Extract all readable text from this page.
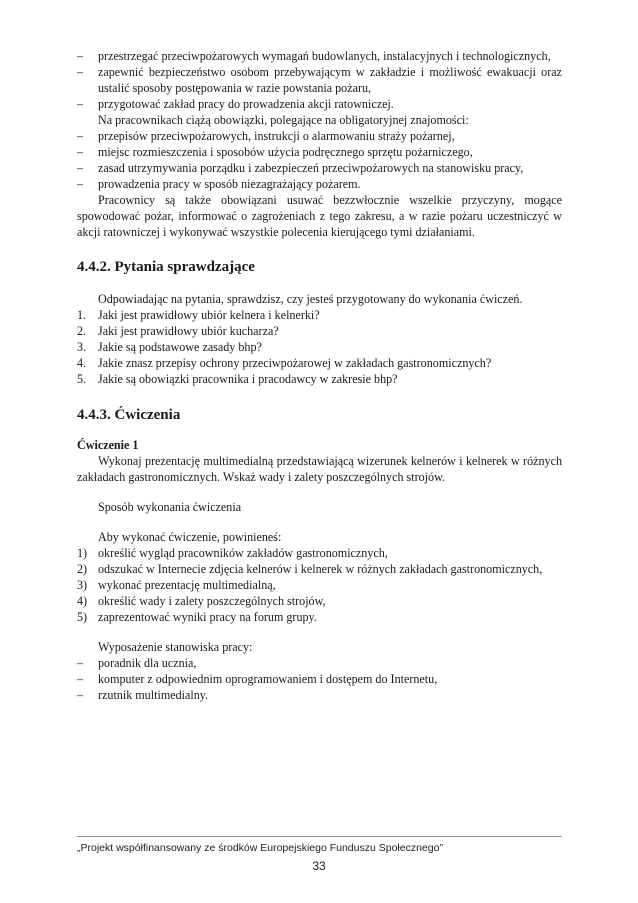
– przestrzegać przeciwpożarowych wymagań budowlanych, instalacyjnych i technologicznych,
– zapewnić bezpieczeństwo osobom przebywającym w zakładzie i możliwość ewakuacji oraz ustalić sposoby postępowania w razie powstania pożaru,
– przygotować zakład pracy do prowadzenia akcji ratowniczej.
Na pracownikach ciążą obowiązki, polegające na obligatoryjnej znajomości:
– przepisów przeciwpożarowych, instrukcji o alarmowaniu straży pożarnej,
– miejsc rozmieszczenia i sposobów użycia podręcznego sprzętu pożarniczego,
– zasad utrzymywania porządku i zabezpieczeń przeciwpożarowych na stanowisku pracy,
– prowadzenia pracy w sposób niezagrażający pożarem.
Pracownicy są także obowiązani usuwać bezzwłocznie wszelkie przyczyny, mogące spowodować pożar, informować o zagrożeniach z tego zakresu, a w razie pożaru uczestniczyć w akcji ratowniczej i wykonywać wszystkie polecenia kierującego tymi działaniami.
4.4.2. Pytania sprawdzające
Odpowiadając na pytania, sprawdzisz, czy jesteś przygotowany do wykonania ćwiczeń.
1. Jaki jest prawidłowy ubiór kelnera i kelnerki?
2. Jaki jest prawidłowy ubiór kucharza?
3. Jakie są podstawowe zasady bhp?
4. Jakie znasz przepisy ochrony przeciwpożarowej w zakładach gastronomicznych?
5. Jakie są obowiązki pracownika i pracodawcy w zakresie bhp?
4.4.3. Ćwiczenia
Ćwiczenie 1
Wykonaj prezentację multimedialną przedstawiającą wizerunek kelnerów i kelnerek w różnych zakładach gastronomicznych. Wskaż wady i zalety poszczególnych strojów.
Sposób wykonania ćwiczenia
Aby wykonać ćwiczenie, powinieneś:
1) określić wygląd pracowników zakładów gastronomicznych,
2) odszukać w Internecie zdjęcia kelnerów i kelnerek w różnych zakładach gastronomicznych,
3) wykonać prezentację multimedialną,
4) określić wady i zalety poszczególnych strojów,
5) zaprezentować wyniki pracy na forum grupy.
Wyposażenie stanowiska pracy:
– poradnik dla ucznia,
– komputer z odpowiednim oprogramowaniem i dostępem do Internetu,
– rzutnik multimedialny.
„Projekt współfinansowany ze środków Europejskiego Funduszu Społecznego”
33
